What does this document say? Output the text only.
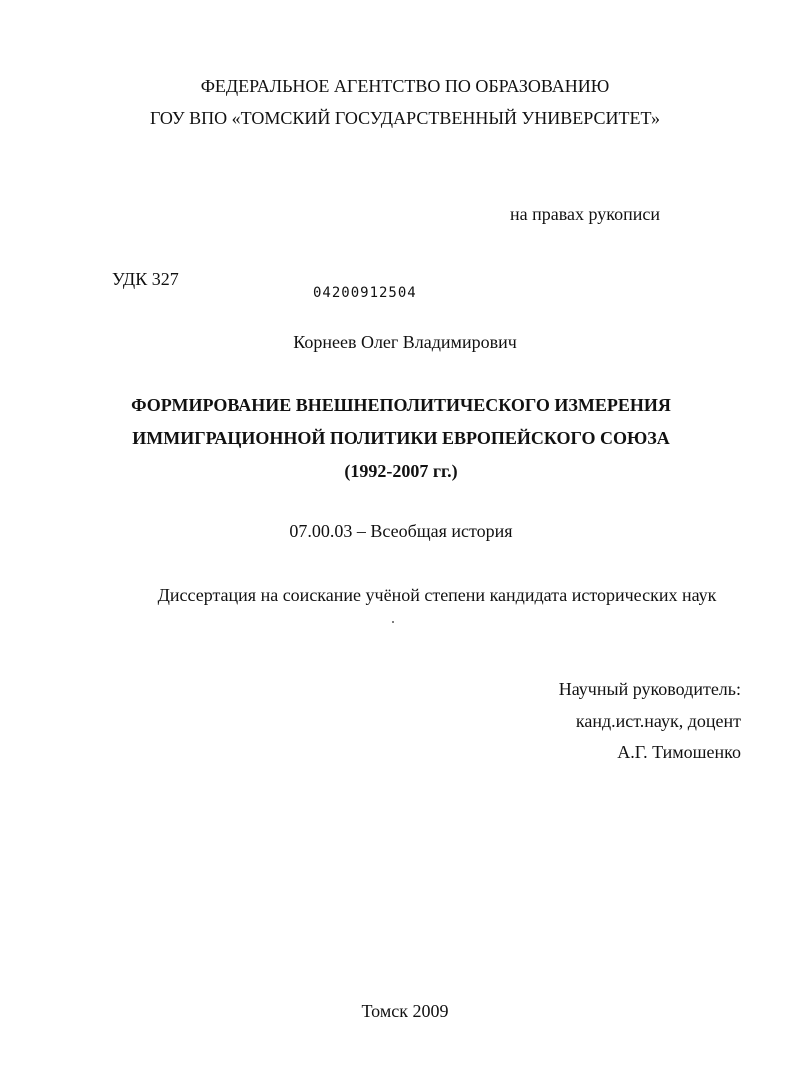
ФЕДЕРАЛЬНОЕ АГЕНТСТВО ПО ОБРАЗОВАНИЮ
ГОУ ВПО «ТОМСКИЙ ГОСУДАРСТВЕННЫЙ УНИВЕРСИТЕТ»
на правах рукописи
УДК 327
04200912504
Корнеев Олег Владимирович
ФОРМИРОВАНИЕ ВНЕШНЕПОЛИТИЧЕСКОГО ИЗМЕРЕНИЯ
ИММИГРАЦИОННОЙ ПОЛИТИКИ ЕВРОПЕЙСКОГО СОЮЗА
(1992-2007 гг.)
07.00.03 – Всеобщая история
Диссертация на соискание учёной степени кандидата исторических наук
Научный руководитель:
канд.ист.наук, доцент
А.Г. Тимошенко
Томск 2009
